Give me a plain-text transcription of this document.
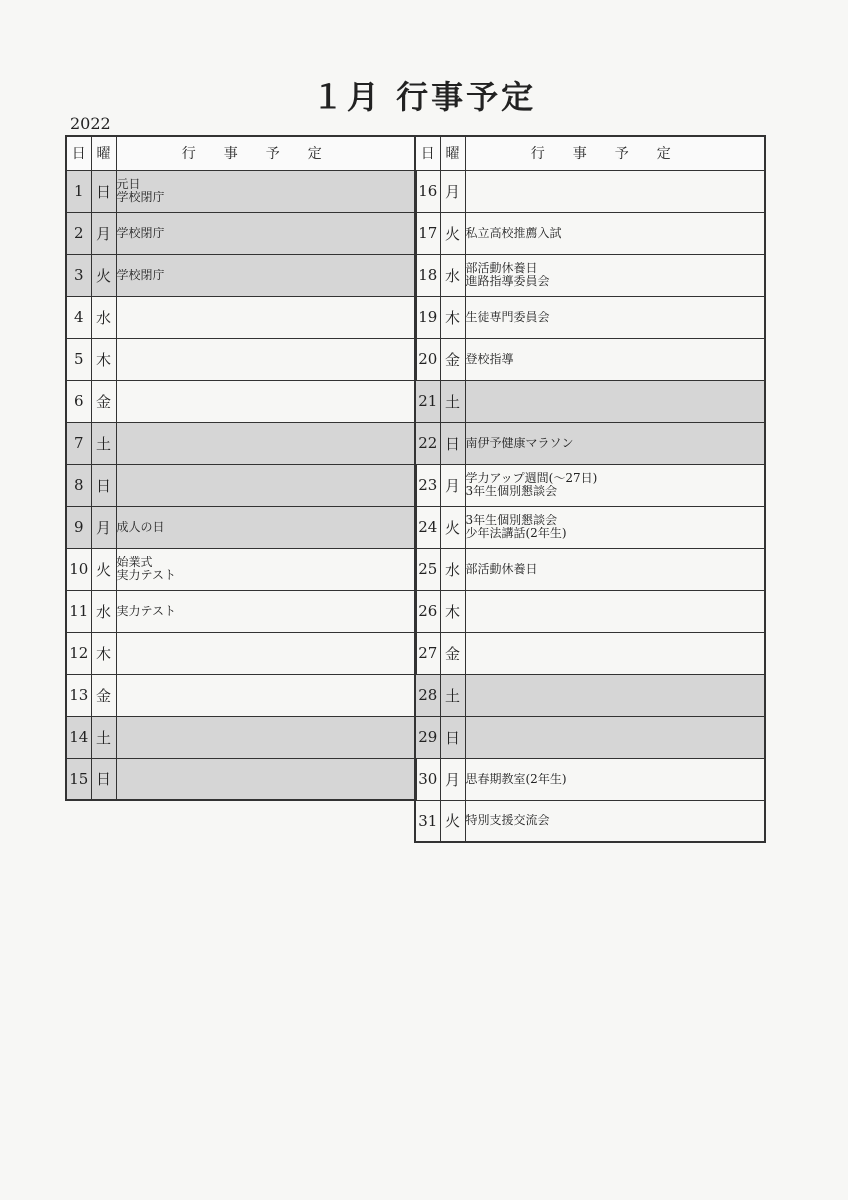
１月 行事予定
2022
日	曜	行事予定
1	日	元日
学校閉庁

2	月	学校閉庁

3	火	学校閉庁

4	水	
5	木	
6	金	
7	土	
8	日	
9	月	成人の日

10	火	始業式
実力テスト

11	水	実力テスト

12	木	
13	金	
14	土	
15	日	
日	曜	行事予定
16	月	
17	火	私立高校推薦入試

18	水	部活動休養日
進路指導委員会

19	木	生徒専門委員会

20	金	登校指導

21	土	
22	日	南伊予健康マラソン

23	月	学力アップ週間(～27日)
3年生個別懇談会

24	火	3年生個別懇談会
少年法講話(2年生)

25	水	部活動休養日

26	木	
27	金	
28	土	
29	日	
30	月	思春期教室(2年生)

31	火	特別支援交流会
